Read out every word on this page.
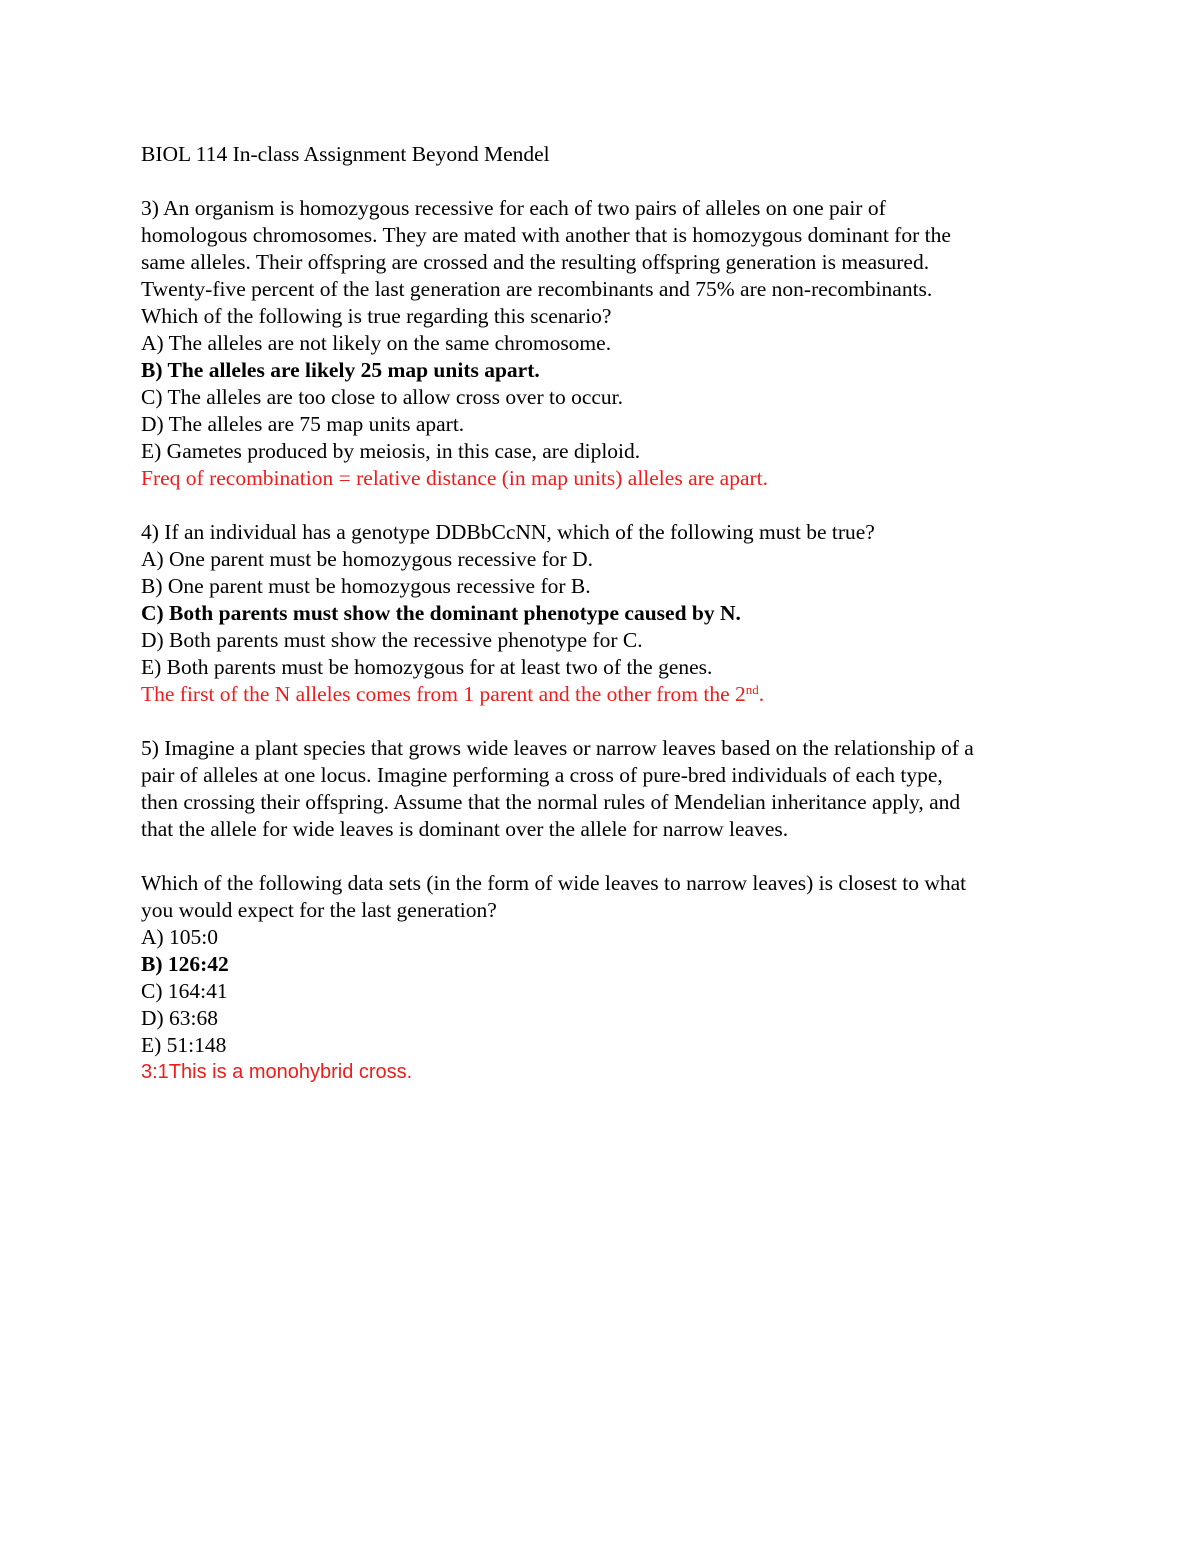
BIOL 114 In-class Assignment Beyond Mendel
3) An organism is homozygous recessive for each of two pairs of alleles on one pair of
homologous chromosomes. They are mated with another that is homozygous dominant for the
same alleles. Their offspring are crossed and the resulting offspring generation is measured.
Twenty-five percent of the last generation are recombinants and 75% are non-recombinants.
Which of the following is true regarding this scenario?
A) The alleles are not likely on the same chromosome.
B) The alleles are likely 25 map units apart.
C) The alleles are too close to allow cross over to occur.
D) The alleles are 75 map units apart.
E) Gametes produced by meiosis, in this case, are diploid.
Freq of recombination = relative distance (in map units) alleles are apart.
4) If an individual has a genotype DDBbCcNN, which of the following must be true?
A) One parent must be homozygous recessive for D.
B) One parent must be homozygous recessive for B.
C) Both parents must show the dominant phenotype caused by N.
D) Both parents must show the recessive phenotype for C.
E) Both parents must be homozygous for at least two of the genes.
The first of the N alleles comes from 1 parent and the other from the 2nd.
5) Imagine a plant species that grows wide leaves or narrow leaves based on the relationship of a
pair of alleles at one locus. Imagine performing a cross of pure-bred individuals of each type,
then crossing their offspring. Assume that the normal rules of Mendelian inheritance apply, and
that the allele for wide leaves is dominant over the allele for narrow leaves.
Which of the following data sets (in the form of wide leaves to narrow leaves) is closest to what
you would expect for the last generation?
A) 105:0
B) 126:42
C) 164:41
D) 63:68
E) 51:148
3:1This is a monohybrid cross.
